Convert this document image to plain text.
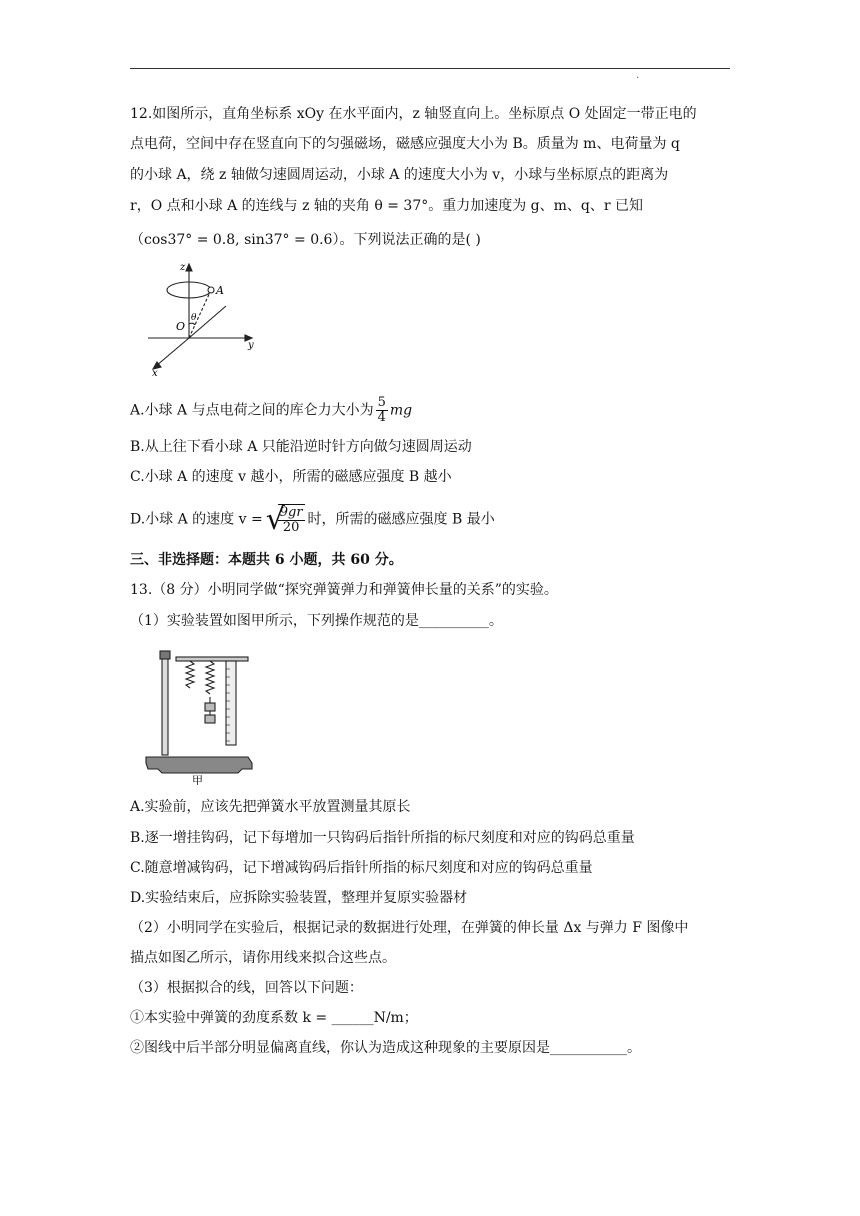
.
12.如图所示，直角坐标系 xOy 在水平面内，z 轴竖直向上。坐标原点 O 处固定一带正电的
点电荷，空间中存在竖直向下的匀强磁场，磁感应强度大小为 B。质量为 m、电荷量为 q
的小球 A，绕 z 轴做匀速圆周运动，小球 A 的速度大小为 v，小球与坐标原点的距离为
r，O 点和小球 A 的连线与 z 轴的夹角 θ = 37°。重力加速度为 g、m、q、r 已知
（cos37° = 0.8, sin37° = 0.6）。下列说法正确的是( )
z
y
x
O
A
θ
A.小球 A 与点电荷之间的库仑力大小为 $\frac{5}{4}$ mg
B.从上往下看小球 A 只能沿逆时针方向做匀速圆周运动
C.小球 A 的速度 v 越小，所需的磁感应强度 B 越小
D.小球 A 的速度 v = √
$\frac{9gr}{20}$ 时，所需的磁感应强度 B 最小
三、非选择题：本题共 6 小题，共 60 分。
13.（8 分）小明同学做“探究弹簧弹力和弹簧伸长量的关系”的实验。
（1）实验装置如图甲所示，下列操作规范的是__________。
甲
A.实验前，应该先把弹簧水平放置测量其原长
B.逐一增挂钩码，记下每增加一只钩码后指针所指的标尺刻度和对应的钩码总重量
C.随意增减钩码，记下增减钩码后指针所指的标尺刻度和对应的钩码总重量
D.实验结束后，应拆除实验装置，整理并复原实验器材
（2）小明同学在实验后，根据记录的数据进行处理，在弹簧的伸长量 Δx 与弹力 F 图像中
描点如图乙所示，请你用线来拟合这些点。
（3）根据拟合的线，回答以下问题：
①本实验中弹簧的劲度系数 k = ______N/m；
②图线中后半部分明显偏离直线，你认为造成这种现象的主要原因是___________。
